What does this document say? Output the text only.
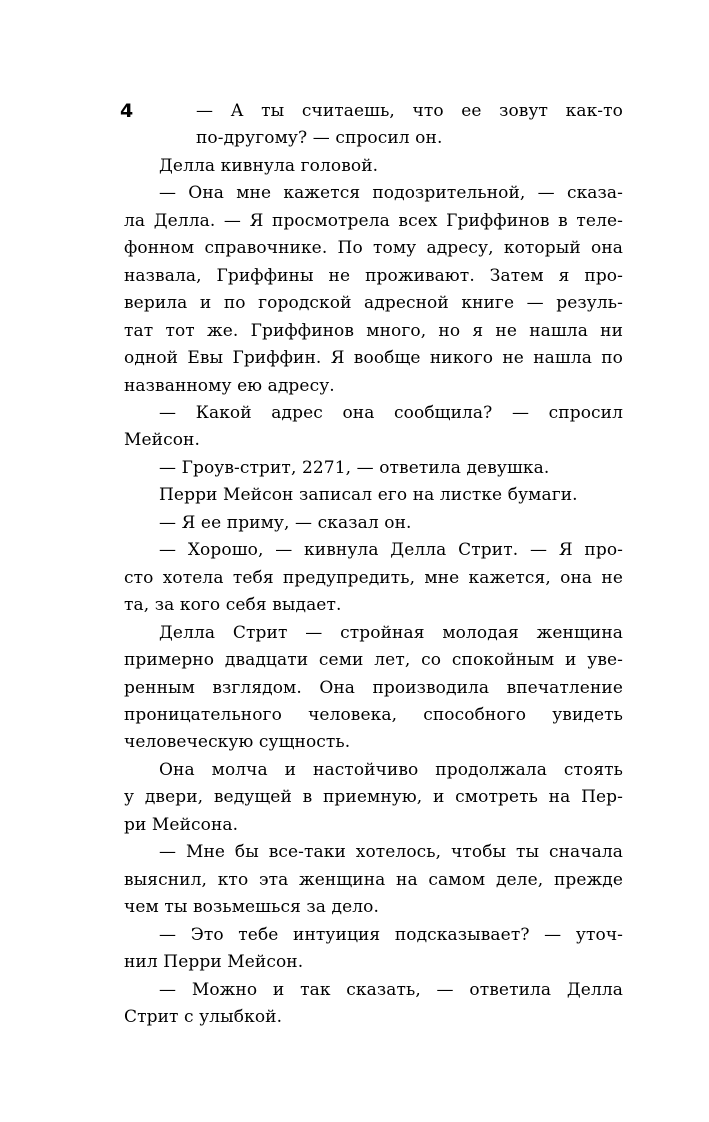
4	— А ты считаешь, что ее зовут как-то
по-другому? — спросил он.
Делла кивнула головой.
— Она мне кажется подозрительной, — сказа-
ла Делла. — Я просмотрела всех Гриффинов в теле-
фонном справочнике. По тому адресу, который она
назвала, Гриффины не проживают. Затем я про-
верила и по городской адресной книге — резуль-
тат тот же. Гриффинов много, но я не нашла ни
одной Евы Гриффин. Я вообще никого не нашла по
названному ею адресу.
— Какой адрес она сообщила? — спросил
Мейсон.
— Гроув-стрит, 2271, — ответила девушка.
Перри Мейсон записал его на листке бумаги.
— Я ее приму, — сказал он.
— Хорошо, — кивнула Делла Стрит. — Я про-
сто хотела тебя предупредить, мне кажется, она не
та, за кого себя выдает.
Делла Стрит — стройная молодая женщина
примерно двадцати семи лет, со спокойным и уве-
ренным взглядом. Она производила впечатление
проницательного человека, способного увидеть
человеческую сущность.
Она молча и настойчиво продолжала стоять
у двери, ведущей в приемную, и смотреть на Пер-
ри Мейсона.
— Мне бы все-таки хотелось, чтобы ты сначала
выяснил, кто эта женщина на самом деле, прежде
чем ты возьмешься за дело.
— Это тебе интуиция подсказывает? — уточ-
нил Перри Мейсон.
— Можно и так сказать, — ответила Делла
Стрит с улыбкой.
